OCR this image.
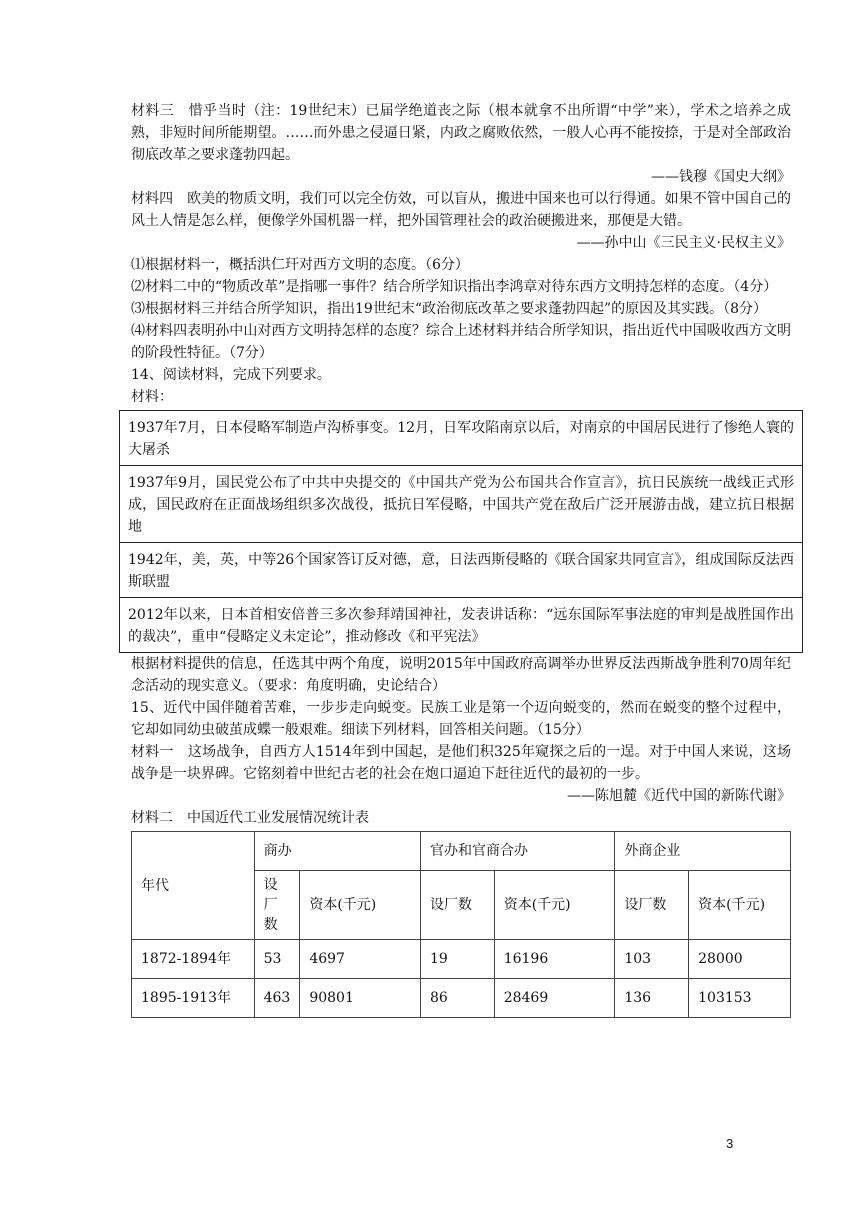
材料三　惜乎当时（注：19世纪末）已届学绝道丧之际（根本就拿不出所谓“中学”来），学术之培养之成熟，非短时间所能期望。……而外患之侵逼日紧，内政之腐败依然，一般人心再不能按捺，于是对全部政治彻底改革之要求蓬勃四起。

——钱穆《国史大纲》

材料四　欧美的物质文明，我们可以完全仿效，可以盲从，搬进中国来也可以行得通。如果不管中国自己的风土人情是怎么样，便像学外国机器一样，把外国管理社会的政治硬搬进来，那便是大错。

——孙中山《三民主义·民权主义》

⑴根据材料一，概括洪仁玕对西方文明的态度。（6分）

⑵材料二中的“物质改革”是指哪一事件？结合所学知识指出李鸿章对待东西方文明持怎样的态度。（4分）

⑶根据材料三并结合所学知识，指出19世纪末“政治彻底改革之要求蓬勃四起”的原因及其实践。（8分）

⑷材料四表明孙中山对西方文明持怎样的态度？综合上述材料并结合所学知识，指出近代中国吸收西方文明的阶段性特征。（7分）

14、阅读材料，完成下列要求。

材料：

1937年7月，日本侵略军制造卢沟桥事变。12月，日军攻陷南京以后，对南京的中国居民进行了惨绝人寰的大屠杀
1937年9月，国民党公布了中共中央提交的《中国共产党为公布国共合作宣言》，抗日民族统一战线正式形成，国民政府在正面战场组织多次战役，抵抗日军侵略，中国共产党在敌后广泛开展游击战，建立抗日根据地
1942年，美，英，中等26个国家答订反对德，意，日法西斯侵略的《联合国家共同宣言》，组成国际反法西斯联盟
2012年以来，日本首相安倍普三多次参拜靖国神社，发表讲话称：“远东国际军事法庭的审判是战胜国作出的裁决”，重申“侵略定义未定论”，推动修改《和平宪法》

根据材料提供的信息，任选其中两个角度，说明2015年中国政府高调举办世界反法西斯战争胜利70周年纪念活动的现实意义。（要求：角度明确，史论结合）

15、近代中国伴随着苦难，一步步走向蜕变。民族工业是第一个迈向蜕变的，然而在蜕变的整个过程中，它却如同幼虫破茧成蝶一般艰难。细读下列材料，回答相关问题。（15分）

材料一　这场战争，自西方人1514年到中国起，是他们积325年窥探之后的一逞。对于中国人来说，这场战争是一块界碑。它铭刻着中世纪古老的社会在炮口逼迫下赶往近代的最初的一步。

——陈旭麓《近代中国的新陈代谢》

材料二　中国近代工业发展情况统计表

年代	商办		官办和官商合办		外商企业	
	设厂数	资本(千元)	设厂数	资本(千元)	设厂数	资本(千元)
1872-1894年	53	4697	19	16196	103	28000
1895-1913年	463	90801	86	28469	136	103153
3
